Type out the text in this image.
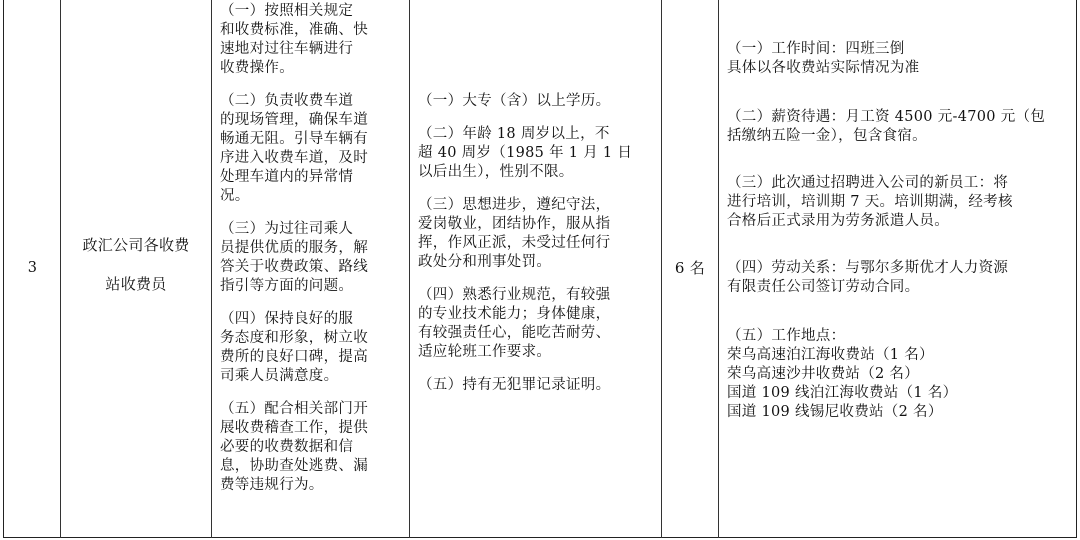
3
政汇公司各收费
站收费员
（一）按照相关规定
和收费标准，准确、快
速地对过往车辆进行
收费操作。
（二）负责收费车道
的现场管理，确保车道
畅通无阻。引导车辆有
序进入收费车道，及时
处理车道内的异常情
况。
（三）为过往司乘人
员提供优质的服务，解
答关于收费政策、路线
指引等方面的问题。
（四）保持良好的服
务态度和形象，树立收
费所的良好口碑，提高
司乘人员满意度。
（五）配合相关部门开
展收费稽查工作，提供
必要的收费数据和信
息，协助查处逃费、漏
费等违规行为。
（一）大专（含）以上学历。
（二）年龄 18 周岁以上，不
超 40 周岁（1985 年 1 月 1 日
以后出生），性别不限。
（三）思想进步，遵纪守法，
爱岗敬业，团结协作，服从指
挥，作风正派，未受过任何行
政处分和刑事处罚。
（四）熟悉行业规范，有较强
的专业技术能力；身体健康，
有较强责任心，能吃苦耐劳、
适应轮班工作要求。
（五）持有无犯罪记录证明。
6 名
（一）工作时间：四班三倒
具体以各收费站实际情况为准
（二）薪资待遇：月工资 4500 元-4700 元（包
括缴纳五险一金），包含食宿。
（三）此次通过招聘进入公司的新员工：将
进行培训，培训期 7 天。培训期满，经考核
合格后正式录用为劳务派遣人员。
（四）劳动关系：与鄂尔多斯优才人力资源
有限责任公司签订劳动合同。
（五）工作地点：
荣乌高速泊江海收费站（1 名）
荣乌高速沙井收费站（2 名）
国道 109 线泊江海收费站（1 名）
国道 109 线锡尼收费站（2 名）
